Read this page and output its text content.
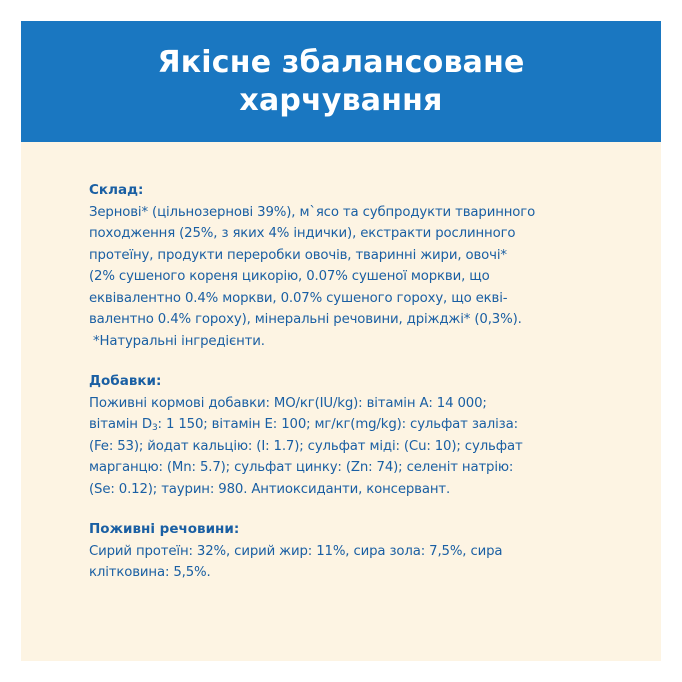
Якісне збалансоване харчування

Склад:

Зернові* (цільнозернові 39%), м`ясо та субпродукти тваринного
походження (25%, з яких 4% індички), екстракти рослинного
протеїну, продукти переробки овочів, тваринні жири, овочі*
(2% сушеного кореня цикорію, 0.07% сушеної моркви, що
еквівалентно 0.4% моркви, 0.07% сушеного гороху, що екві-
валентно 0.4% гороху), мінеральні речовини, дріжджі* (0,3%).
*Натуральні інгредієнти.

Добавки:

Поживні кормові добавки: МО/кг(IU/kg): вітамін А: 14 000;
вітамін $D_3$: 1 150; вітамін Е: 100; мг/кг(mg/kg): сульфат заліза:
(Fe: 53); йодат кальцію: (I: 1.7); сульфат міді: (Cu: 10); сульфат
марганцю: (Mn: 5.7); сульфат цинку: (Zn: 74); селеніт натрію:
(Se: 0.12); таурин: 980. Антиоксиданти, консервант.

Поживні речовини:

Сирий протеїн: 32%, сирий жир: 11%, сира зола: 7,5%, сира
клітковина: 5,5%.
